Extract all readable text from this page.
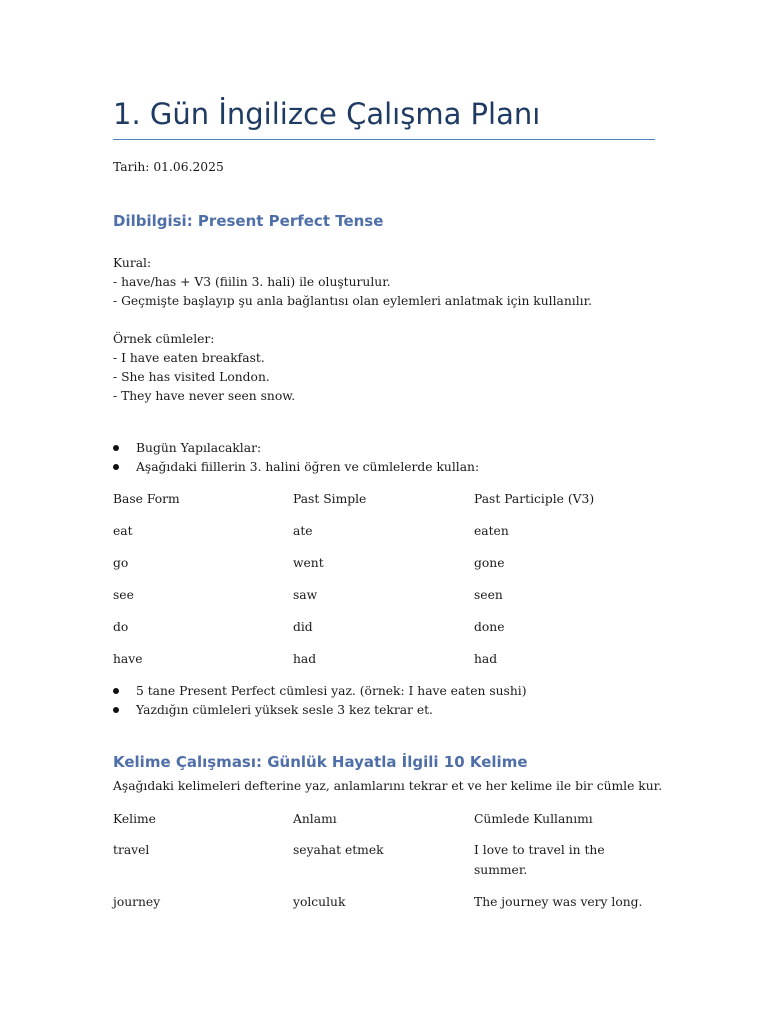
1. Gün İngilizce Çalışma Planı
Tarih: 01.06.2025
Dilbilgisi: Present Perfect Tense
Kural:
- have/has + V3 (fiilin 3. hali) ile oluşturulur.
- Geçmişte başlayıp şu anla bağlantısı olan eylemleri anlatmak için kullanılır.
Örnek cümleler:
- I have eaten breakfast.
- She has visited London.
- They have never seen snow.
Bugün Yapılacaklar:
Aşağıdaki fiillerin 3. halini öğren ve cümlelerde kullan:
Base Form	Past Simple	Past Participle (V3)
eat	ate	eaten
go	went	gone
see	saw	seen
do	did	done
have	had	had
5 tane Present Perfect cümlesi yaz. (örnek: I have eaten sushi)
Yazdığın cümleleri yüksek sesle 3 kez tekrar et.
Kelime Çalışması: Günlük Hayatla İlgili 10 Kelime
Aşağıdaki kelimeleri defterine yaz, anlamlarını tekrar et ve her kelime ile bir cümle kur.
Kelime	Anlamı	Cümlede Kullanımı
travel	seyahat etmek	I love to travel in the summer.
journey	yolculuk	The journey was very long.
